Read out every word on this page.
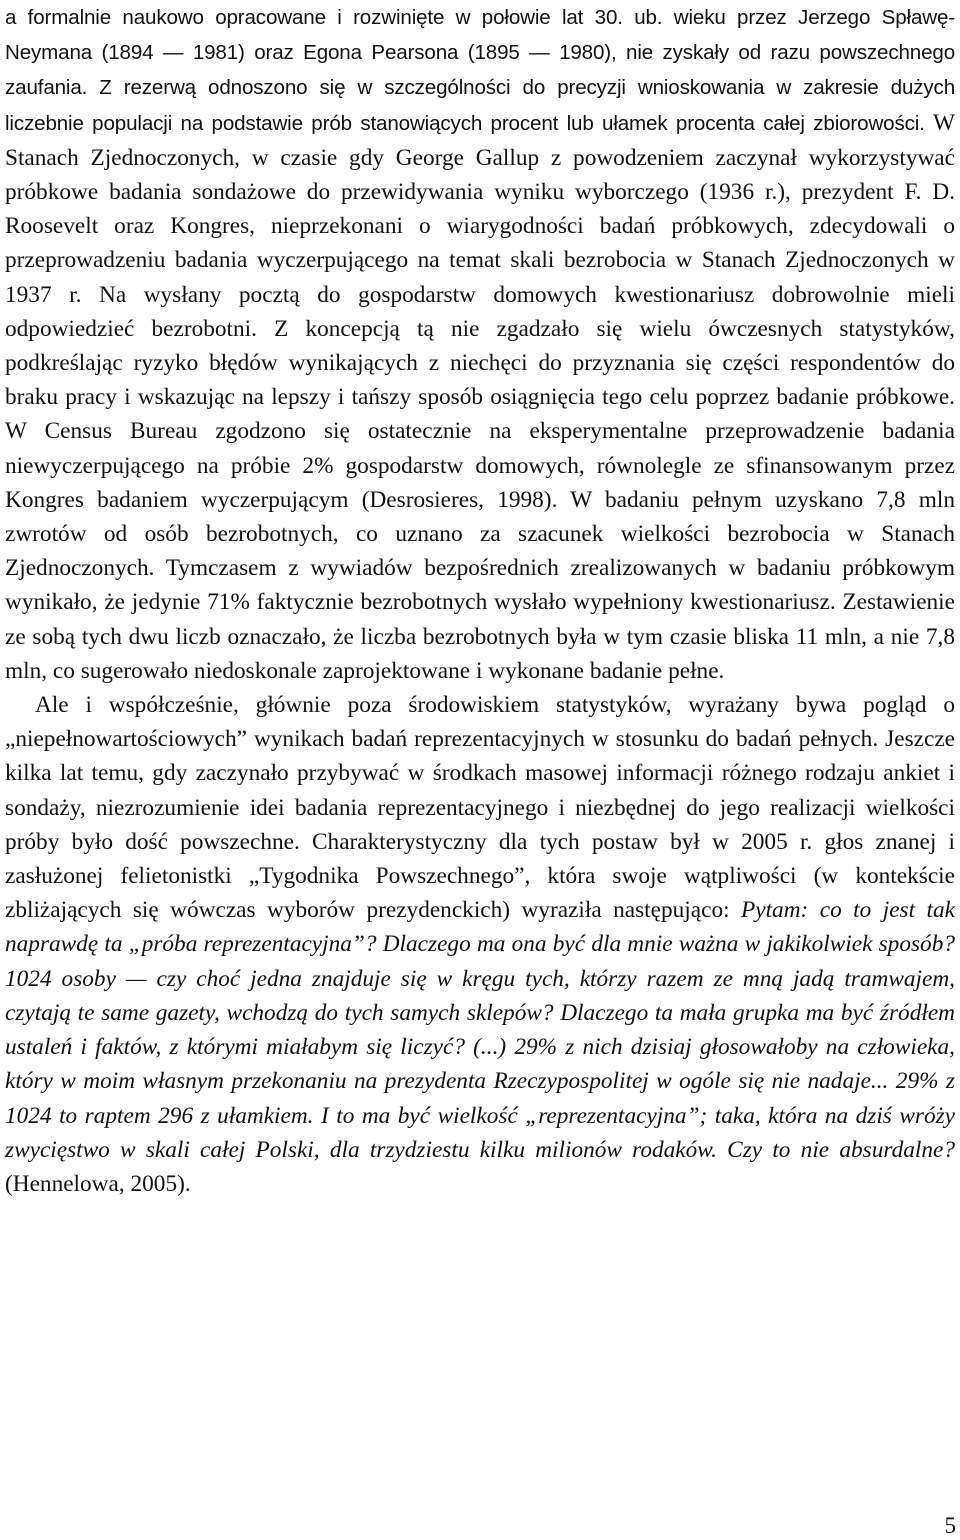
a formalnie naukowo opracowane i rozwinięte w połowie lat 30. ub. wieku przez Jerzego Spławę-Neymana (1894 — 1981) oraz Egona Pearsona (1895 — 1980), nie zyskały od razu powszechnego zaufania. Z rezerwą odnoszono się w szczególności do precyzji wnioskowania w zakresie dużych liczebnie populacji na podstawie prób stanowiących procent lub ułamek procenta całej zbiorowości. W Stanach Zjednoczonych, w czasie gdy George Gallup z powodzeniem zaczynał wykorzystywać próbkowe badania sondażowe do przewidywania wyniku wyborczego (1936 r.), prezydent F. D. Roosevelt oraz Kongres, nieprzekonani o wiarygodności badań próbkowych, zdecydowali o przeprowadzeniu badania wyczerpującego na temat skali bezrobocia w Stanach Zjednoczonych w 1937 r. Na wysłany pocztą do gospodarstw domowych kwestionariusz dobrowolnie mieli odpowiedzieć bezrobotni. Z koncepcją tą nie zgadzało się wielu ówczesnych statystyków, podkreślając ryzyko błędów wynikających z niechęci do przyznania się części respondentów do braku pracy i wskazując na lepszy i tańszy sposób osiągnięcia tego celu poprzez badanie próbkowe. W Census Bureau zgodzono się ostatecznie na eksperymentalne przeprowadzenie badania niewyczerpującego na próbie 2% gospodarstw domowych, równolegle ze sfinansowanym przez Kongres badaniem wyczerpującym (Desrosieres, 1998). W badaniu pełnym uzyskano 7,8 mln zwrotów od osób bezrobotnych, co uznano za szacunek wielkości bezrobocia w Stanach Zjednoczonych. Tymczasem z wywiadów bezpośrednich zrealizowanych w badaniu próbkowym wynikało, że jedynie 71% faktycznie bezrobotnych wysłało wypełniony kwestionariusz. Zestawienie ze sobą tych dwu liczb oznaczało, że liczba bezrobotnych była w tym czasie bliska 11 mln, a nie 7,8 mln, co sugerowało niedoskonale zaprojektowane i wykonane badanie pełne.

Ale i współcześnie, głównie poza środowiskiem statystyków, wyrażany bywa pogląd o „niepełnowartościowych” wynikach badań reprezentacyjnych w stosunku do badań pełnych. Jeszcze kilka lat temu, gdy zaczynało przybywać w środkach masowej informacji różnego rodzaju ankiet i sondaży, niezrozumienie idei badania reprezentacyjnego i niezbędnej do jego realizacji wielkości próby było dość powszechne. Charakterystyczny dla tych postaw był w 2005 r. głos znanej i zasłużonej felietonistki „Tygodnika Powszechnego”, która swoje wątpliwości (w kontekście zbliżających się wówczas wyborów prezydenckich) wyraziła następująco: Pytam: co to jest tak naprawdę ta „próba reprezentacyjna”? Dlaczego ma ona być dla mnie ważna w jakikolwiek sposób? 1024 osoby — czy choć jedna znajduje się w kręgu tych, którzy razem ze mną jadą tramwajem, czytają te same gazety, wchodzą do tych samych sklepów? Dlaczego ta mała grupka ma być źródłem ustaleń i faktów, z którymi miałabym się liczyć? (...) 29% z nich dzisiaj głosowałoby na człowieka, który w moim własnym przekonaniu na prezydenta Rzeczypospolitej w ogóle się nie nadaje... 29% z 1024 to raptem 296 z ułamkiem. I to ma być wielkość „reprezentacyjna”; taka, która na dziś wróży zwycięstwo w skali całej Polski, dla trzydziestu kilku milionów rodaków. Czy to nie absurdalne? (Hennelowa, 2005).

5
